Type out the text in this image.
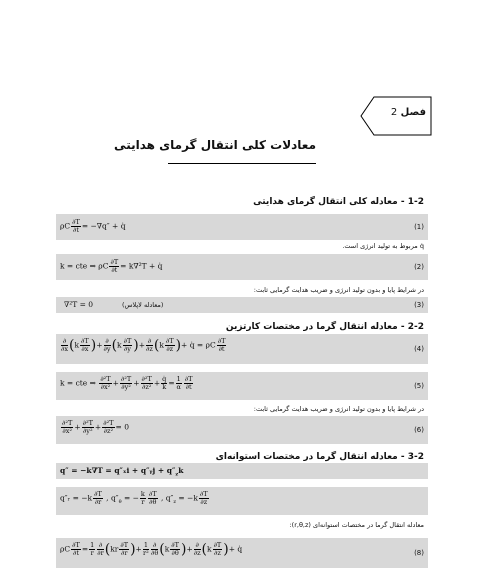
فصل 2
معادلات کلی انتقال گرمای هدایتی
1-2 - معادله کلی انتقال گرمای هدایتی
ρC $\frac{\partial T}{\partial t} = -\nabla q''$ + q̇	(1)
q̇ مربوط به تولید انرژی است.
k = cte ⇒ ρC $\frac{\partial T}{\partial t} = k\nabla^2T$ + q̇	(2)
در شرایط پایا و بدون تولید انرژی و ضریب هدایت گرمایی ثابت:
∇²T = 0	(معادله لاپلاس)	(3)
2-2 - معادله انتقال گرما در مختصات کارتزین
$\frac{\partial}{\partial x} (k \frac{\partial T}{\partial x}$ )+ $\frac{\partial}{\partial y} (k \frac{\partial T}{\partial y}$ )+ $\frac{\partial}{\partial z} (k \frac{\partial T}{\partial z}$ )+ q̇ = ρC $\frac{\partial T}{\partial t}$	(4)
k = cte ⇒ $\frac{\text{∂²T}}{\text{∂x²}} + \frac{\text{∂²T}}{\text{∂y²}} + \frac{\text{∂²T}}{\text{∂z²}} + \frac{q̇}{k} = \frac{1}{\alpha} \frac{\partial T}{\partial t}$	(5)
در شرایط پایا و بدون تولید انرژی و ضریب هدایت گرمایی ثابت:
$\frac{\text{∂²T}}{\text{∂x²}} + \frac{\text{∂²T}}{\text{∂y²}} + \frac{\text{∂²T}}{\text{∂z²}} = 0$	(6)
3-2 - معادله انتقال گرما در مختصات استوانه‌ای
q″ = −k∇T = q″ₓi + q″ᵧj + $q''_zk$
q″ᵣ = $-k \frac{\partial T}{\partial r}$ , $q''_\theta$ = − $\frac{k}{r} \frac{\partial T}{\partial\theta}$ , $q''_z = -k \frac{\partial T}{\partial z}$
معادله انتقال گرما در مختصات استوانه‌ای (r,θ,z):
ρC $\frac{\partial T}{\partial t} = \frac{1}{r} \frac{\partial}{\partial r} (kr \frac{\partial T}{\partial r}$ )+ $\frac{1}{\text{r²}} \frac{\partial}{\partial\theta} (k \frac{\partial T}{\partial\theta}$ )+ $\frac{\partial}{\partial z} (k \frac{\partial T}{\partial z}$ )+ q̇	(8)
